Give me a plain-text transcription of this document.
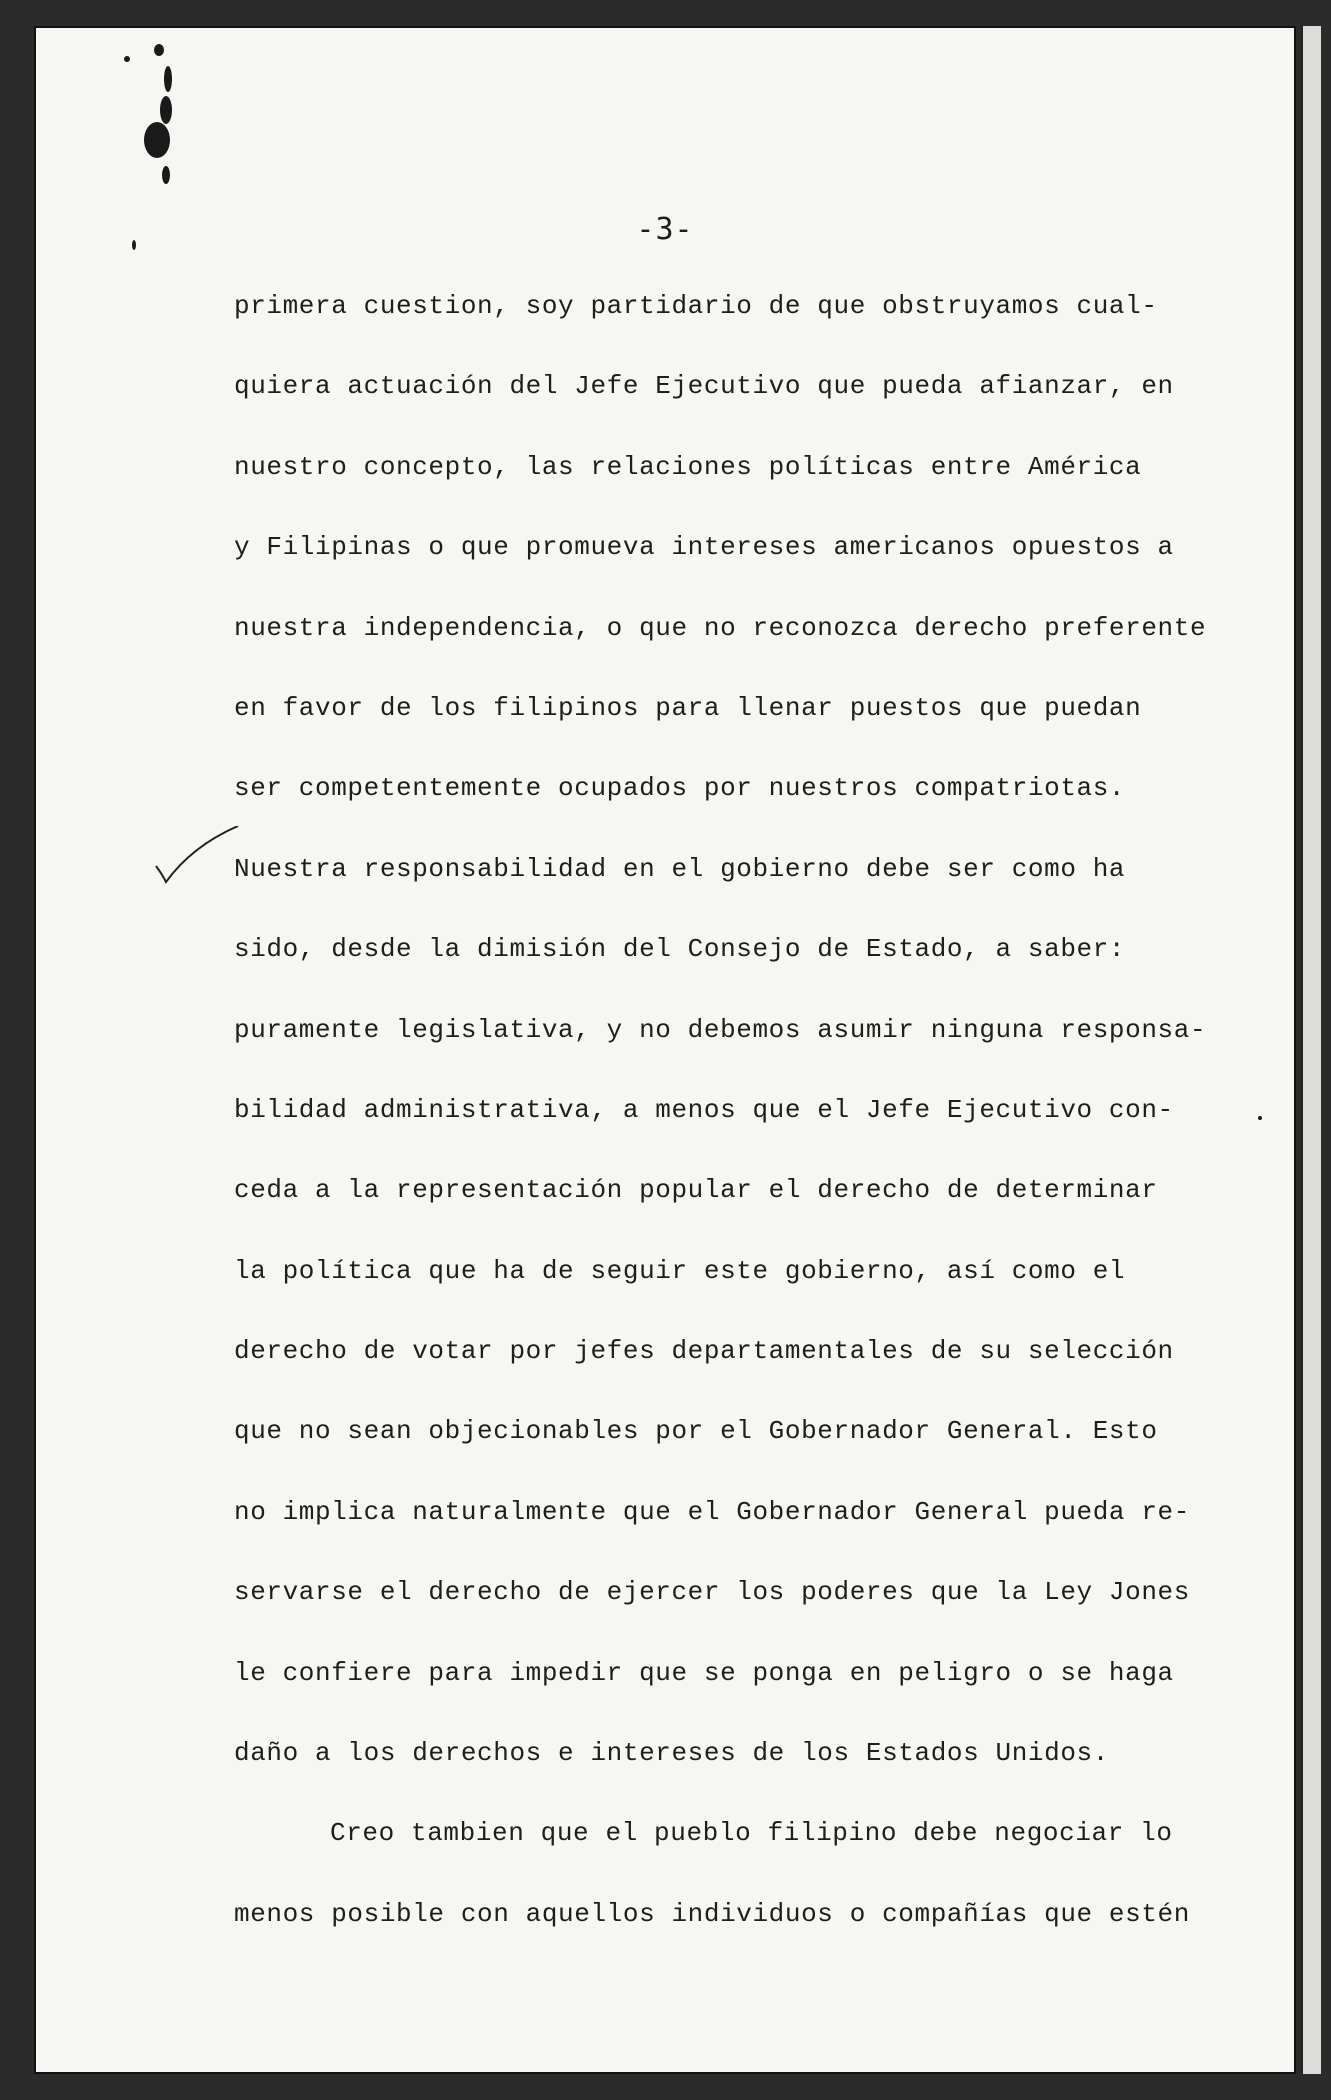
-3-
primera cuestion, soy partidario de que obstruyamos cual-
quiera actuación del Jefe Ejecutivo que pueda afianzar, en
nuestro concepto, las relaciones políticas entre América
y Filipinas o que promueva intereses americanos opuestos a
nuestra independencia, o que no reconozca derecho preferente
en favor de los filipinos para llenar puestos que puedan
ser competentemente ocupados por nuestros compatriotas.
Nuestra responsabilidad en el gobierno debe ser como ha
sido, desde la dimisión del Consejo de Estado, a saber:
puramente legislativa, y no debemos asumir ninguna responsa-
bilidad administrativa, a menos que el Jefe Ejecutivo con-
ceda a la representación popular el derecho de determinar
la política que ha de seguir este gobierno, así como el
derecho de votar por jefes departamentales de su selección
que no sean objecionables por el Gobernador General. Esto
no implica naturalmente que el Gobernador General pueda re-
servarse el derecho de ejercer los poderes que la Ley Jones
le confiere para impedir que se ponga en peligro o se haga
daño a los derechos e intereses de los Estados Unidos.
Creo tambien que el pueblo filipino debe negociar lo
menos posible con aquellos individuos o compañías que estén
